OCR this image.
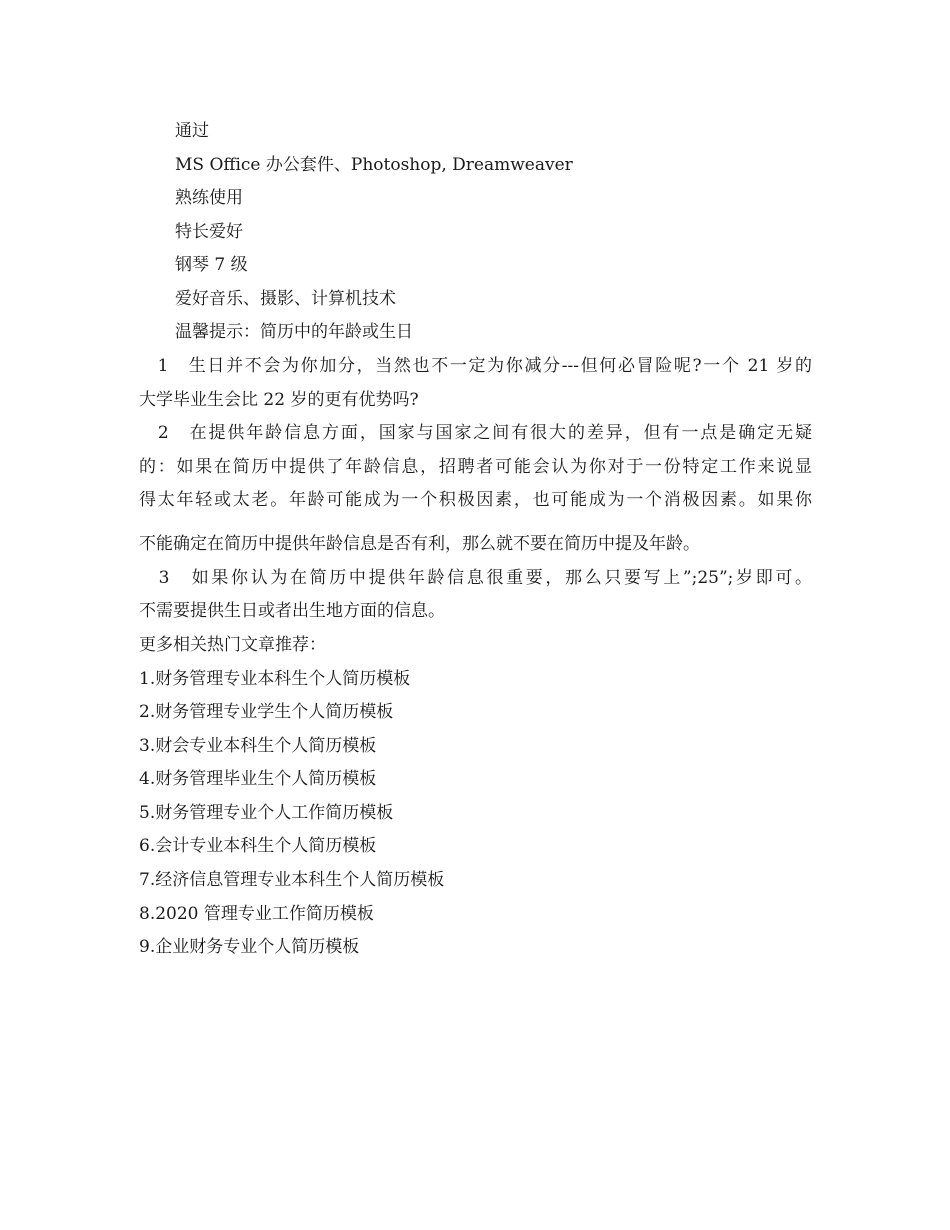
通过
MS Office 办公套件、Photoshop, Dreamweaver
熟练使用
特长爱好
钢琴 7 级
爱好音乐、摄影、计算机技术
温馨提示：简历中的年龄或生日
　1　生日并不会为你加分，当然也不一定为你减分---但何必冒险呢?一个 21 岁的
大学毕业生会比 22 岁的更有优势吗?
　2　在提供年龄信息方面，国家与国家之间有很大的差异，但有一点是确定无疑
的：如果在简历中提供了年龄信息，招聘者可能会认为你对于一份特定工作来说显
得太年轻或太老。年龄可能成为一个积极因素，也可能成为一个消极因素。如果你
不能确定在简历中提供年龄信息是否有利，那么就不要在简历中提及年龄。
　3　如果你认为在简历中提供年龄信息很重要，那么只要写上”;25”;岁即可。
不需要提供生日或者出生地方面的信息。
更多相关热门文章推荐：
1.财务管理专业本科生个人简历模板
2.财务管理专业学生个人简历模板
3.财会专业本科生个人简历模板
4.财务管理毕业生个人简历模板
5.财务管理专业个人工作简历模板
6.会计专业本科生个人简历模板
7.经济信息管理专业本科生个人简历模板
8.2020 管理专业工作简历模板
9.企业财务专业个人简历模板
